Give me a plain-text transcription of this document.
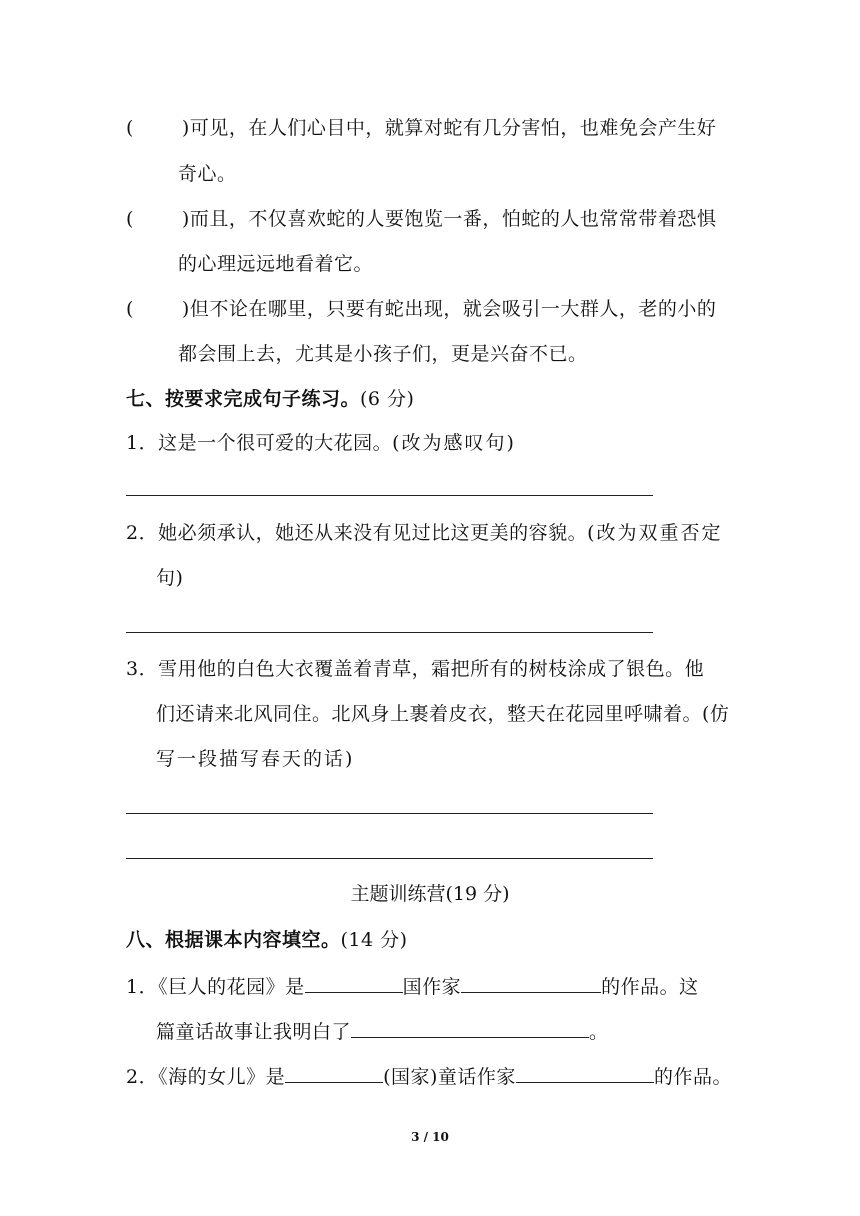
(	)可见，在人们心目中，就算对蛇有几分害怕，也难免会产生好
奇心。
(	)而且，不仅喜欢蛇的人要饱览一番，怕蛇的人也常常带着恐惧
的心理远远地看着它。
(	)但不论在哪里，只要有蛇出现，就会吸引一大群人，老的小的
都会围上去，尤其是小孩子们，更是兴奋不已。
七、按要求完成句子练习。(6 分)
1．这是一个很可爱的大花园。(改为感叹句)
2．她必须承认，她还从来没有见过比这更美的容貌。(改为双重否定
句)
3．雪用他的白色大衣覆盖着青草，霜把所有的树枝涂成了银色。他
们还请来北风同住。北风身上裹着皮衣，整天在花园里呼啸着。(仿
写一段描写春天的话)
主题训练营(19 分)
八、根据课本内容填空。(14 分)
1．《巨人的花园》是	国作家	的作品。这
篇童话故事让我明白了	。
2．《海的女儿》是	(国家)童话作家	的作品。
3 / 10
